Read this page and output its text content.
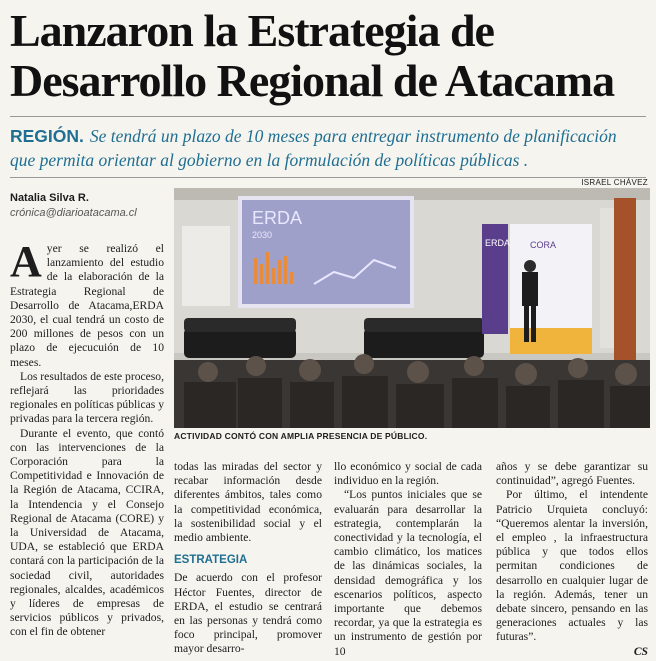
Lanzaron la Estrategia de
Desarrollo Regional de Atacama
REGIÓN. Se tendrá un plazo de 10 meses para entregar instrumento de planificación que permita orientar al gobierno en la formulación de políticas públicas .
Natalia Silva R.
crónica@diarioatacama.cl
ISRAEL CHÁVEZ
ERDA
2030
ERDA CORA
ACTIVIDAD CONTÓ CON AMPLIA PRESENCIA DE PÚBLICO.

Ayer se realizó el lanzamiento del estudio de la elaboración de la Estrategia Regional de Desarrollo de Atacama,ERDA 2030, el cual tendrá un costo de 200 millones de pesos con un plazo de ejecucuión de 10 meses.

Los resultados de este proceso, reflejará las prioridades regionales en políticas públicas y privadas para la tercera región.

Durante el evento, que contó con las intervenciones de la Corporación para la Competitividad e Innovación de la Región de Atacama, CCIRA, la Intendencia y el Consejo Regional de Atacama (CORE) y la Universidad de Atacama, UDA, se estableció que ERDA contará con la participación de la sociedad civil, autoridades regionales, alcaldes, académicos y líderes de empresas de servicios públicos y privados, con el fin de obtener

todas las miradas del sector y recabar información desde diferentes ámbitos, tales como la competitividad económica, la sostenibilidad social y el medio ambiente.

ESTRATEGIA

De acuerdo con el profesor Héctor Fuentes, director de ERDA, el estudio se centrará en las personas y tendrá como foco principal, promover mayor desarro-

llo económico y social de cada individuo en la región.

“Los puntos iniciales que se evaluarán para desarrollar la estrategia, contemplarán la conectividad y la tecnología, el cambio climático, los matices de las dinámicas sociales, la densidad demográfica y los escenarios políticos, aspecto importante que debemos recordar, ya que la estrategia es un instrumento de gestión por 10

años y se debe garantizar su continuidad”, agregó Fuentes.

Por último, el intendente Patricio Urquieta concluyó: “Queremos alentar la inversión, el empleo , la infraestructura pública y que todos ellos permitan condiciones de desarrollo en cualquier lugar de la región. Además, tener un debate sincero, pensando en las generaciones actuales y las futuras”.

CS
